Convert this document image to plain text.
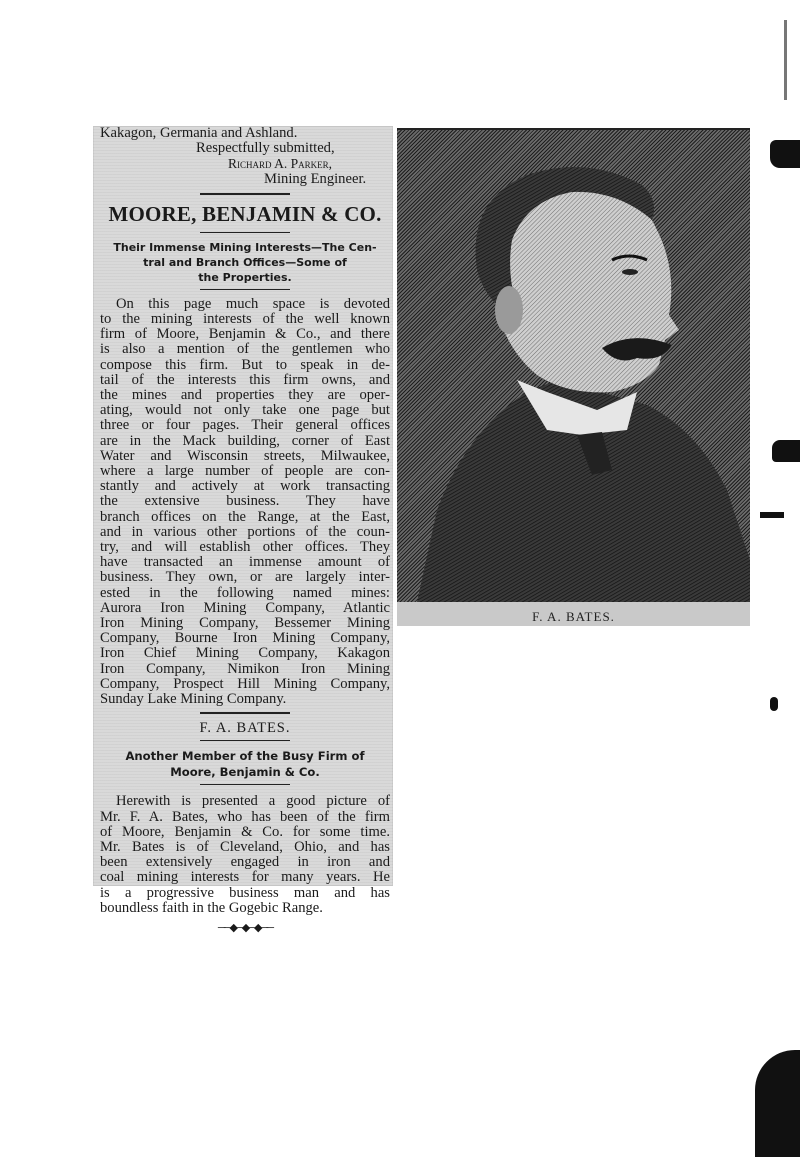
Kakagon, Germania and Ashland.
Respectfully submitted,
Richard A. Parker,
Mining Engineer.
MOORE, BENJAMIN & CO.
Their Immense Mining Interests—The Cen-
tral and Branch Offices—Some of
the Properties.
On this page much space is devoted
to the mining interests of the well known
firm of Moore, Benjamin & Co., and there
is also a mention of the gentlemen who
compose this firm. But to speak in de-
tail of the interests this firm owns, and
the mines and properties they are oper-
ating, would not only take one page but
three or four pages. Their general offices
are in the Mack building, corner of East
Water and Wisconsin streets, Milwaukee,
where a large number of people are con-
stantly and actively at work transacting
the extensive business. They have
branch offices on the Range, at the East,
and in various other portions of the coun-
try, and will establish other offices. They
have transacted an immense amount of
business. They own, or are largely inter-
ested in the following named mines:
Aurora Iron Mining Company, Atlantic
Iron Mining Company, Bessemer Mining
Company, Bourne Iron Mining Company,
Iron Chief Mining Company, Kakagon
Iron Company, Nimikon Iron Mining
Company, Prospect Hill Mining Company,
Sunday Lake Mining Company.
F. A. BATES.
Another Member of the Busy Firm of
Moore, Benjamin & Co.
Herewith is presented a good picture of
Mr. F. A. Bates, who has been of the firm
of Moore, Benjamin & Co. for some time.
Mr. Bates is of Cleveland, Ohio, and has
been extensively engaged in iron and
coal mining interests for many years. He
is a progressive business man and has
boundless faith in the Gogebic Range.
──◆─◆─◆──
F. A. BATES.
